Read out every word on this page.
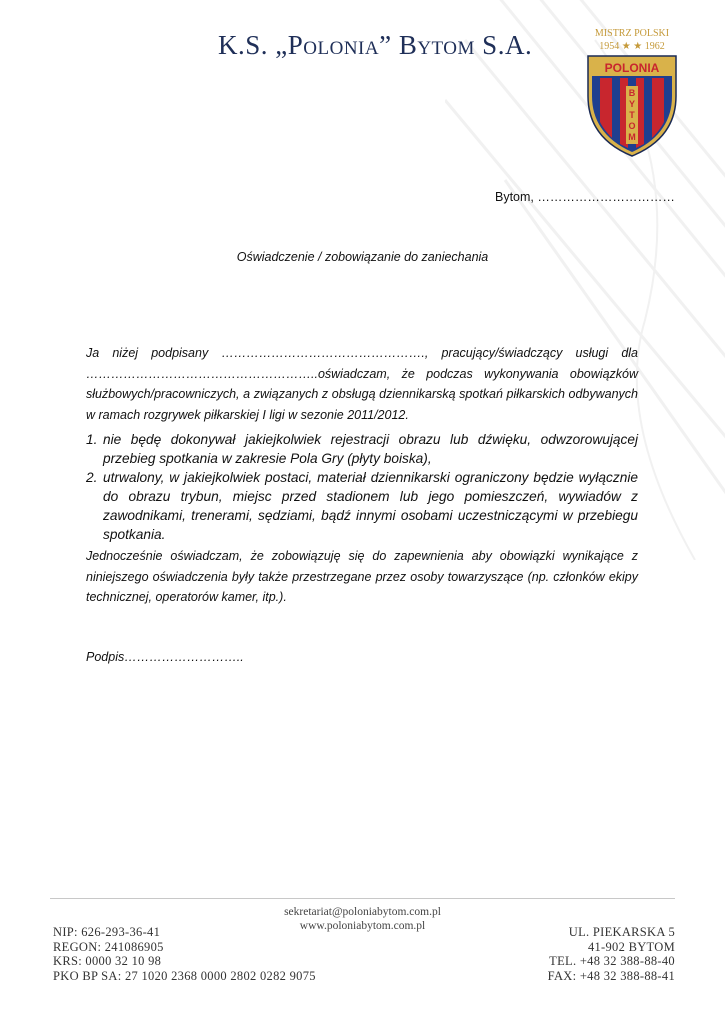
K.S. „Polonia” Bytom S.A.	MISTRZ POLSKI
1954 ★ ★ 1962
POLONIA
B
Y
T
O
M
Bytom, ……………………………
Oświadczenie / zobowiązanie do zaniechania

Ja niżej podpisany …………………………………………., pracujący/świadczący usługi dla

………………………………………………..oświadczam, że podczas wykonywania obowiązków

służbowych/pracowniczych, a związanych z obsługą dziennikarską spotkań piłkarskich odbywanych

w ramach rozgrywek piłkarskiej I ligi w sezonie 2011/2012.

1. nie będę dokonywał jakiejkolwiek rejestracji obrazu lub dźwięku, odwzorowującej przebieg spotkania w zakresie Pola Gry (płyty boiska),
2. utrwalony, w jakiejkolwiek postaci, materiał dziennikarski ograniczony będzie wyłącznie do obrazu trybun, miejsc przed stadionem lub jego pomieszczeń, wywiadów z zawodnikami, trenerami, sędziami, bądź innymi osobami uczestniczącymi w przebiegu spotkania.
Jednocześnie oświadczam, że zobowiązuję się do zapewnienia aby obowiązki wynikające z niniejszego oświadczenia były także przestrzegane przez osoby towarzyszące (np. członków ekipy technicznej, operatorów kamer, itp.).
Podpis………………………..
NIP: 626-293-36-41
REGON: 241086905
KRS: 0000 32 10 98
PKO BP SA: 27 1020 2368 0000 2802 0282 9075
sekretariat@poloniabytom.com.pl
www.poloniabytom.com.pl	UL. PIEKARSKA 5
41-902 BYTOM
TEL. +48 32 388-88-40
FAX: +48 32 388-88-41
